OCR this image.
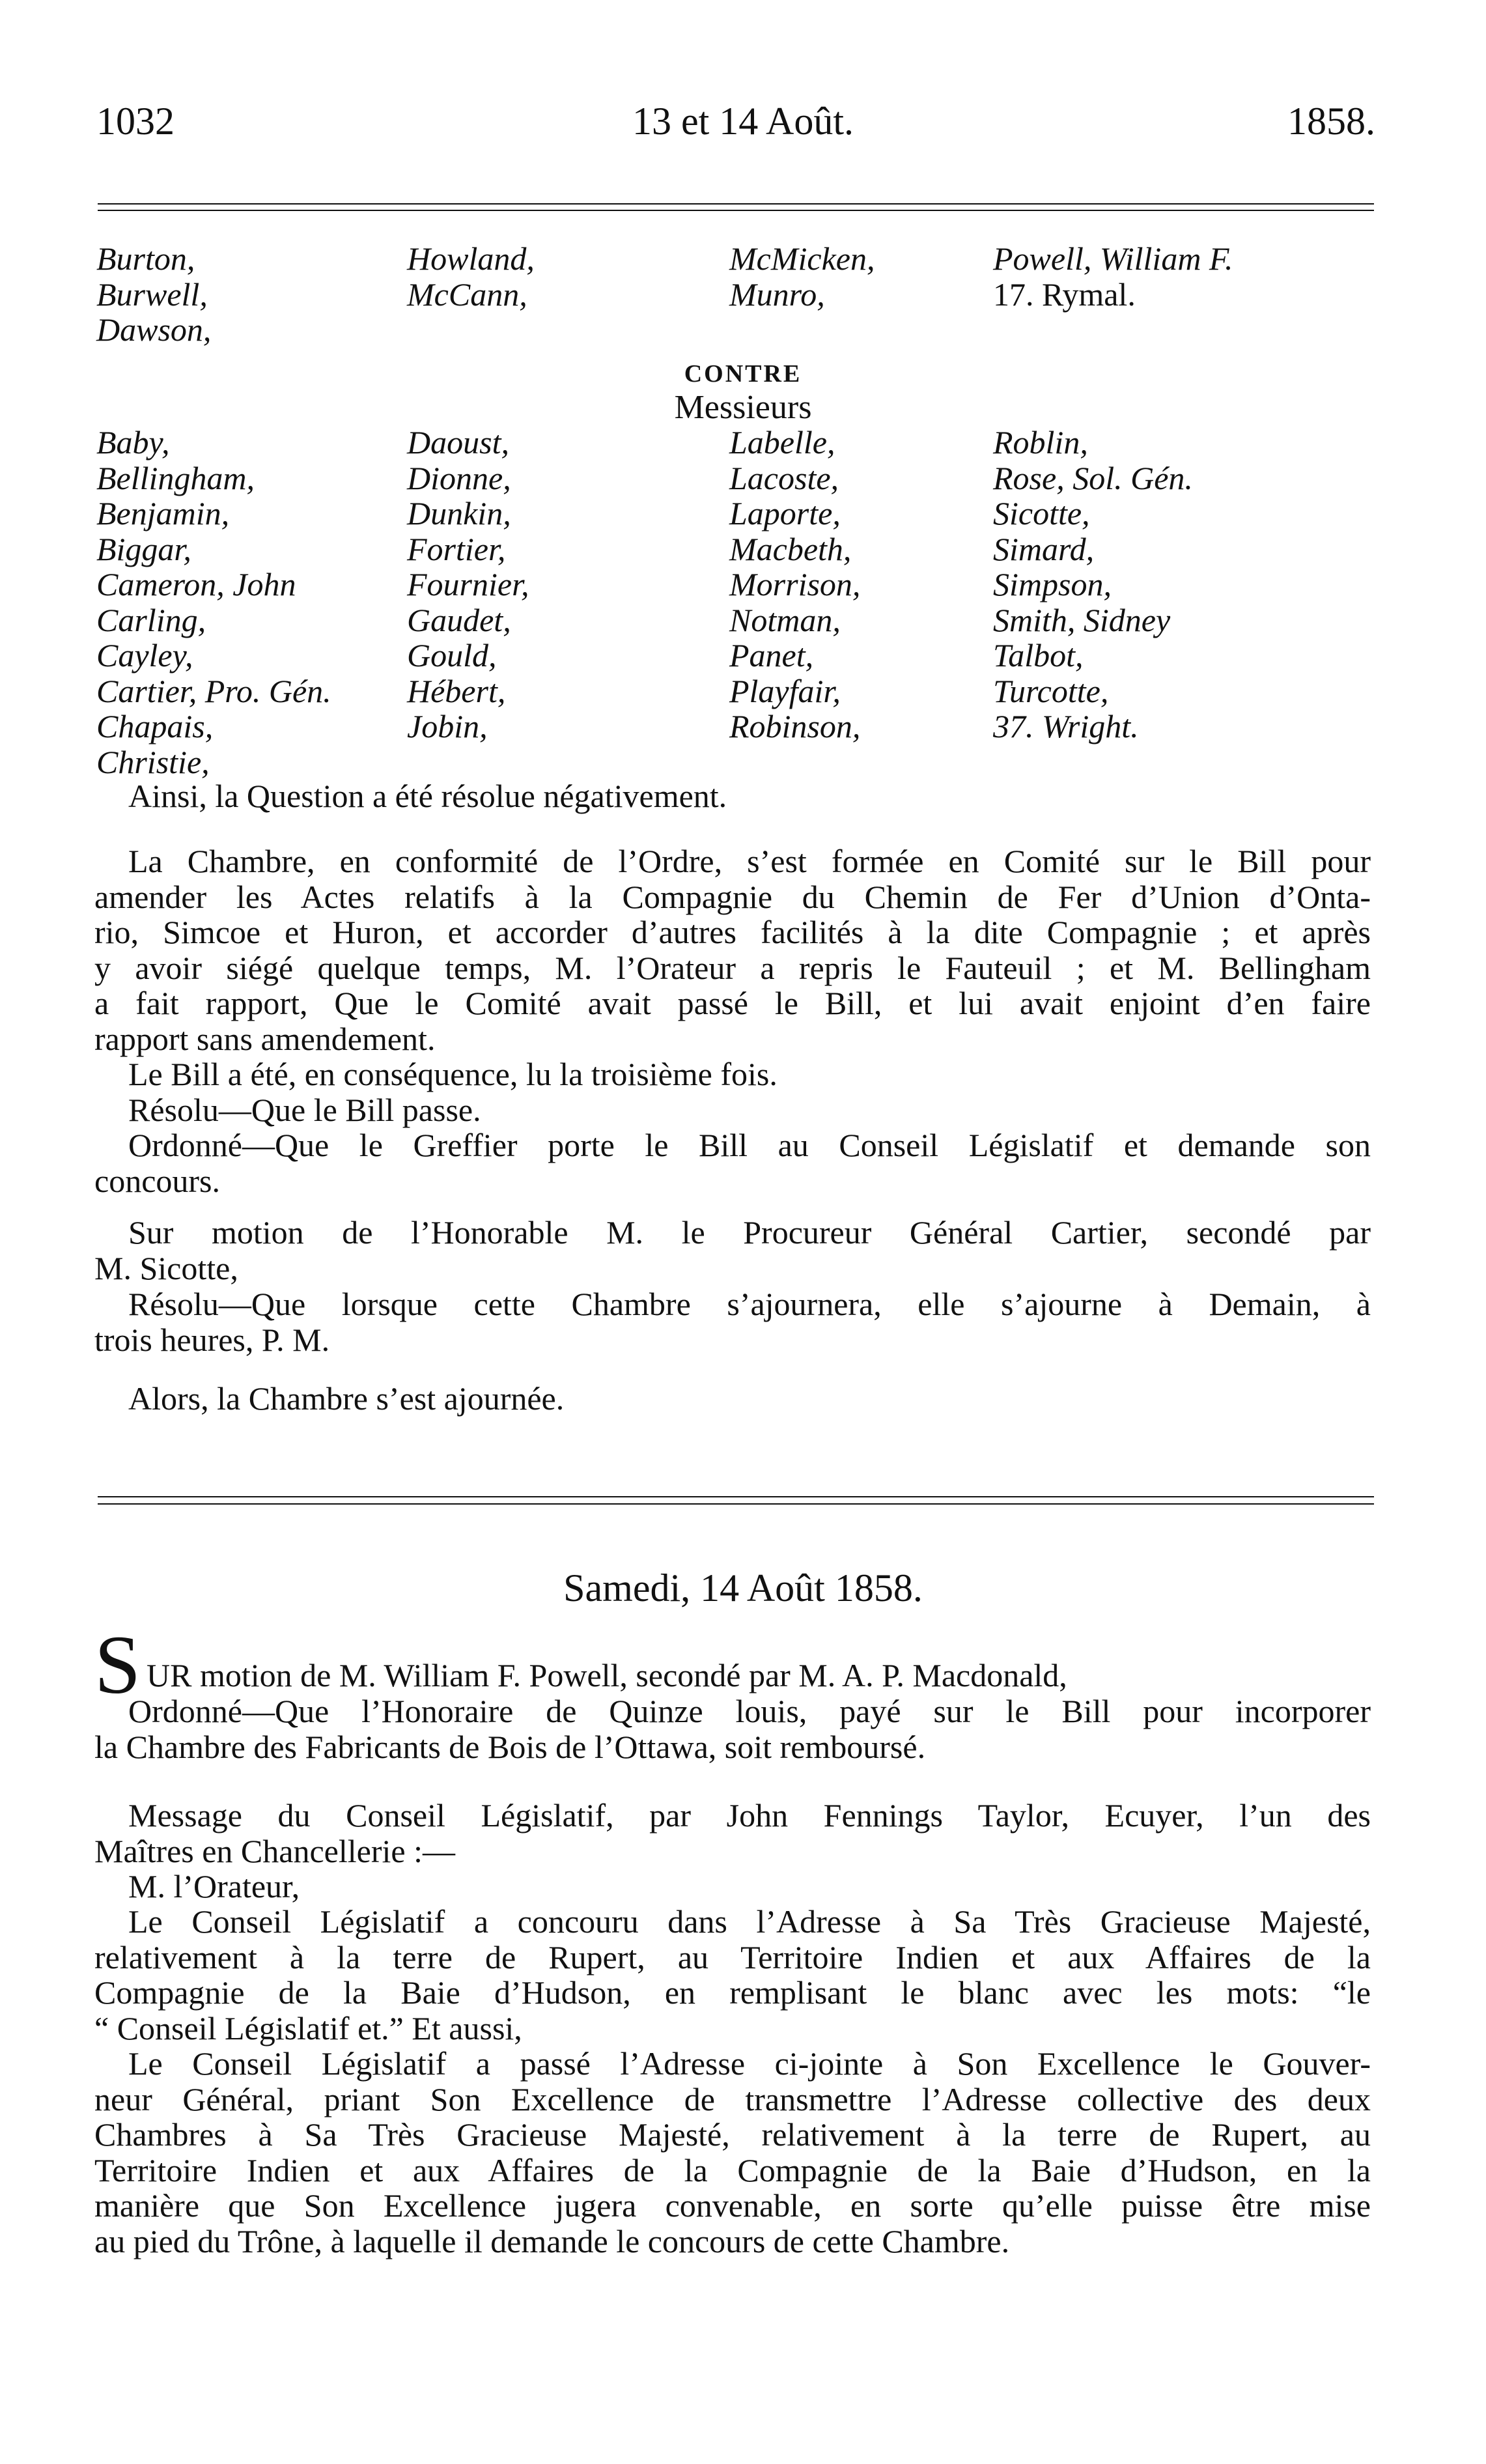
1032	13 et 14 Août.	1858.
Burton,
Burwell,
Dawson,
Howland,
McCann,
McMicken,
Munro,
Powell, William F.
17. Rymal.
CONTRE
Messieurs
Baby,
Bellingham,
Benjamin,
Biggar,
Cameron, John
Carling,
Cayley,
Cartier, Pro. Gén.
Chapais,
Christie,
Daoust,
Dionne,
Dunkin,
Fortier,
Fournier,
Gaudet,
Gould,
Hébert,
Jobin,
Labelle,
Lacoste,
Laporte,
Macbeth,
Morrison,
Notman,
Panet,
Playfair,
Robinson,
Roblin,
Rose, Sol. Gén.
Sicotte,
Simard,
Simpson,
Smith, Sidney
Talbot,
Turcotte,
37. Wright.
Ainsi, la Question a été résolue négativement.
La Chambre, en conformité de l’Ordre, s’est formée en Comité sur le Bill pour
amender les Actes relatifs à la Compagnie du Chemin de Fer d’Union d’Onta-
rio, Simcoe et Huron, et accorder d’autres facilités à la dite Compagnie ; et après
y avoir siégé quelque temps, M. l’Orateur a repris le Fauteuil ; et M. Bellingham
a fait rapport, Que le Comité avait passé le Bill, et lui avait enjoint d’en faire
rapport sans amendement.
Le Bill a été, en conséquence, lu la troisième fois.
Résolu—Que le Bill passe.
Ordonné—Que le Greffier porte le Bill au Conseil Législatif et demande son
concours.
Sur motion de l’Honorable M. le Procureur Général Cartier, secondé par
M. Sicotte,
Résolu—Que lorsque cette Chambre s’ajournera, elle s’ajourne à Demain, à
trois heures, P. M.
Alors, la Chambre s’est ajournée.
Samedi, 14 Août 1858.
S UR motion de M. William F. Powell, secondé par M. A. P. Macdonald,
Ordonné—Que l’Honoraire de Quinze louis, payé sur le Bill pour incorporer
la Chambre des Fabricants de Bois de l’Ottawa, soit remboursé.
Message du Conseil Législatif, par John Fennings Taylor, Ecuyer, l’un des
Maîtres en Chancellerie :—
M. l’Orateur,
Le Conseil Législatif a concouru dans l’Adresse à Sa Très Gracieuse Majesté,
relativement à la terre de Rupert, au Territoire Indien et aux Affaires de la
Compagnie de la Baie d’Hudson, en remplisant le blanc avec les mots: “le
“ Conseil Législatif et.” Et aussi,
Le Conseil Législatif a passé l’Adresse ci-jointe à Son Excellence le Gouver-
neur Général, priant Son Excellence de transmettre l’Adresse collective des deux
Chambres à Sa Très Gracieuse Majesté, relativement à la terre de Rupert, au
Territoire Indien et aux Affaires de la Compagnie de la Baie d’Hudson, en la
manière que Son Excellence jugera convenable, en sorte qu’elle puisse être mise
au pied du Trône, à laquelle il demande le concours de cette Chambre.
